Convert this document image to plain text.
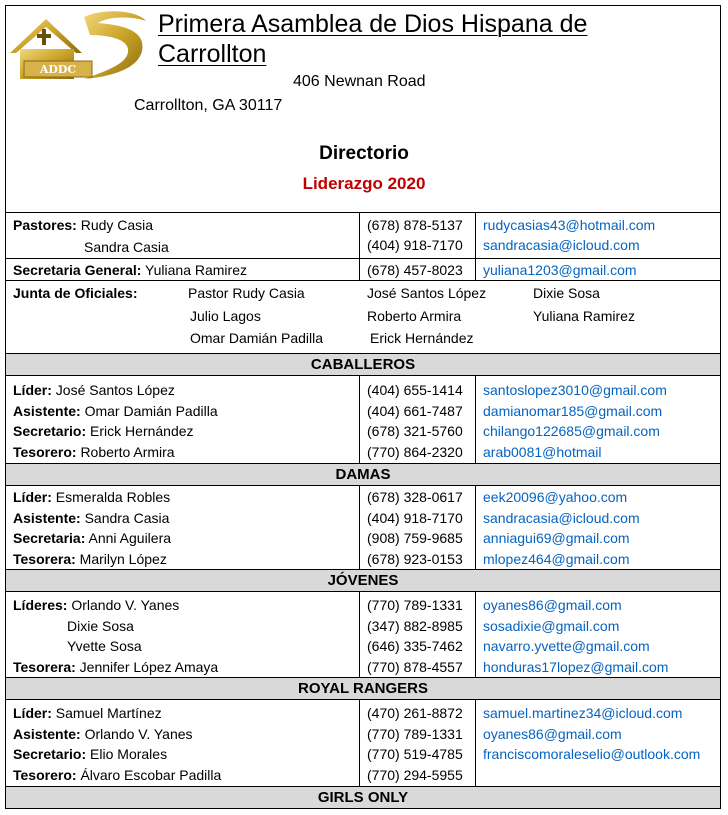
ADDC
Primera Asamblea de Dios Hispana de
Carrollton
406 Newnan Road
Carrollton, GA 30117
Directorio
Liderazgo 2020
Pastores: Rudy Casia	(678) 878-5137 rudycasias43@hotmail.com
Sandra Casia	(404) 918-7170 sandracasia@icloud.com
Secretaria General: Yuliana Ramirez	(678) 457-8023 yuliana1203@gmail.com
Junta de Oficiales:	Pastor Rudy Casia	José Santos López	Dixie Sosa
Julio Lagos	Roberto Armira	Yuliana Ramirez
Omar Damián Padilla	Erick Hernández
CABALLEROS
Líder: José Santos López	(404) 655-1414 santoslopez3010@gmail.com
Asistente: Omar Damián Padilla	(404) 661-7487 damianomar185@gmail.com
Secretario: Erick Hernández	(678) 321-5760 chilango122685@gmail.com
Tesorero: Roberto Armira	(770) 864-2320 arab0081@hotmail
DAMAS
Líder: Esmeralda Robles	(678) 328-0617 eek20096@yahoo.com
Asistente: Sandra Casia	(404) 918-7170 sandracasia@icloud.com
Secretaria: Anni Aguilera	(908) 759-9685 anniagui69@gmail.com
Tesorera: Marilyn López	(678) 923-0153 mlopez464@gmail.com
JÓVENES
Líderes: Orlando V. Yanes	(770) 789-1331 oyanes86@gmail.com
Dixie Sosa	(347) 882-8985 sosadixie@gmail.com
Yvette Sosa	(646) 335-7462 navarro.yvette@gmail.com
Tesorera: Jennifer López Amaya	(770) 878-4557 honduras17lopez@gmail.com
ROYAL RANGERS
Líder: Samuel Martínez	(470) 261-8872 samuel.martinez34@icloud.com
Asistente: Orlando V. Yanes	(770) 789-1331 oyanes86@gmail.com
Secretario: Elio Morales	(770) 519-4785 franciscomoraleselio@outlook.com
Tesorero: Álvaro Escobar Padilla	(770) 294-5955
GIRLS ONLY
